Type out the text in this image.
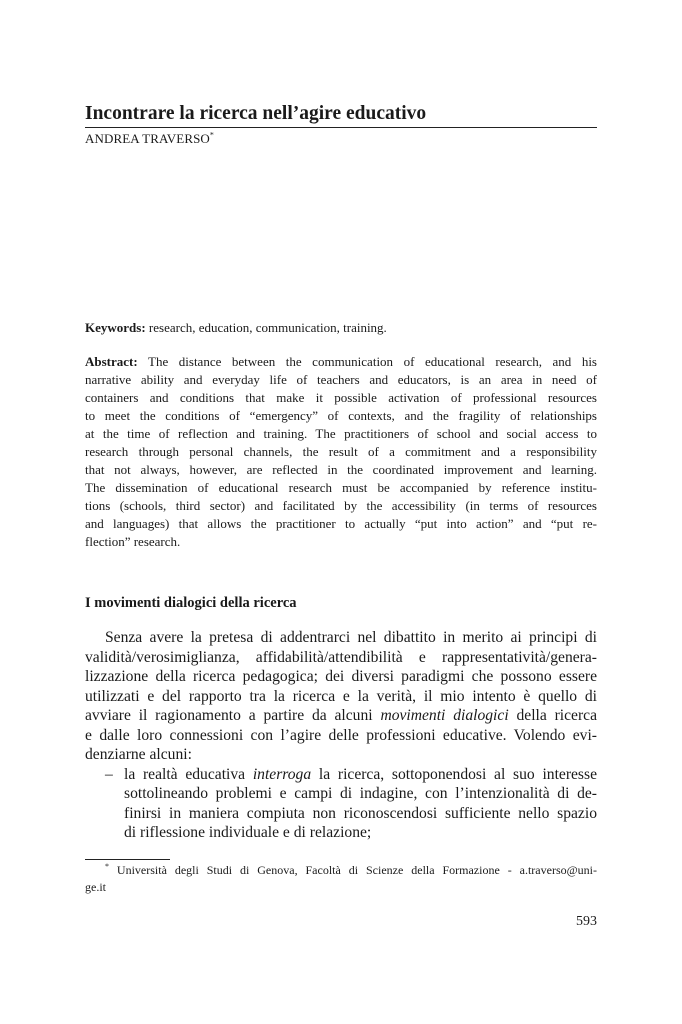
Incontrare la ricerca nell’agire educativo
ANDREA TRAVERSO*
Keywords: research, education, communication, training.
Abstract: The distance between the communication of educational research, and his
narrative ability and everyday life of teachers and educators, is an area in need of
containers and conditions that make it possible activation of professional resources
to meet the conditions of “emergency” of contexts, and the fragility of relationships
at the time of reflection and training. The practitioners of school and social access to
research through personal channels, the result of a commitment and a responsibility
that not always, however, are reflected in the coordinated improvement and learning.
The dissemination of educational research must be accompanied by reference institu-
tions (schools, third sector) and facilitated by the accessibility (in terms of resources
and languages) that allows the practitioner to actually “put into action” and “put re-
flection” research.
I movimenti dialogici della ricerca
Senza avere la pretesa di addentrarci nel dibattito in merito ai principi di
validità/verosimiglianza, affidabilità/attendibilità e rappresentatività/genera-
lizzazione della ricerca pedagogica; dei diversi paradigmi che possono essere
utilizzati e del rapporto tra la ricerca e la verità, il mio intento è quello di
avviare il ragionamento a partire da alcuni movimenti dialogici della ricerca
e dalle loro connessioni con l’agire delle professioni educative. Volendo evi-
denziarne alcuni:
– la realtà educativa interroga la ricerca, sottoponendosi al suo interesse
sottolineando problemi e campi di indagine, con l’intenzionalità di de-
finirsi in maniera compiuta non riconoscendosi sufficiente nello spazio
di riflessione individuale e di relazione;
* Università degli Studi di Genova, Facoltà di Scienze della Formazione - a.traverso@uni-
ge.it
593
